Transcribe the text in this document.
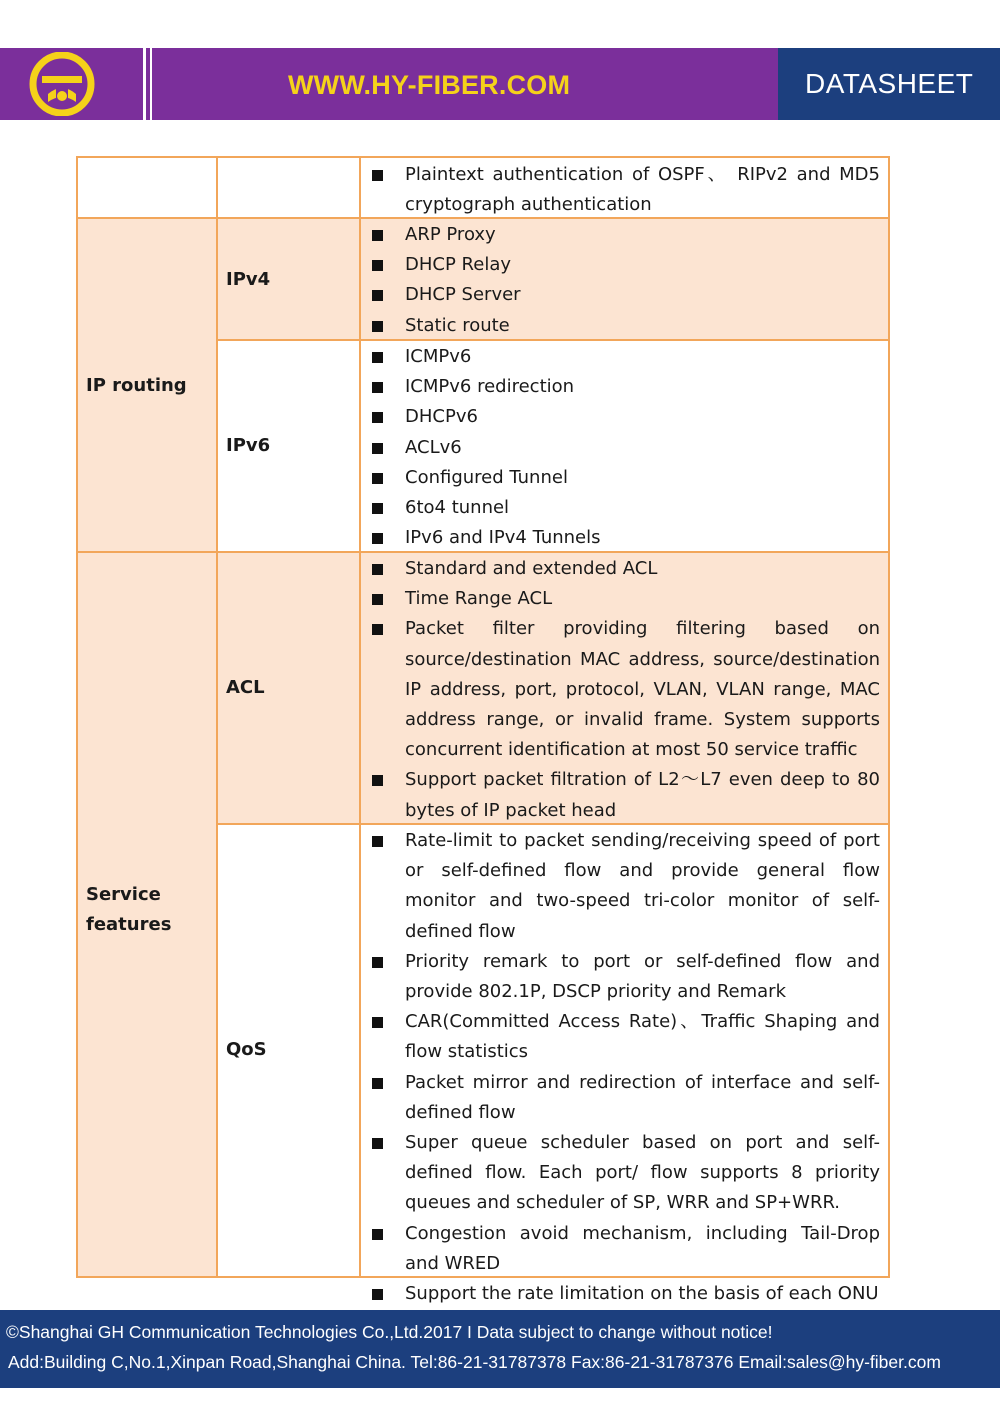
WWW.HY-FIBER.COM	DATASHEET
Plaintext authentication of OSPF、 RIPv2 and MD5 cryptograph authentication
IP routing
IPv4
ARP Proxy
DHCP Relay
DHCP Server
Static route
IPv6
ICMPv6
ICMPv6 redirection
DHCPv6
ACLv6
Configured Tunnel
6to4 tunnel
IPv6 and IPv4 Tunnels
Service
features
ACL
Standard and extended ACL
Time Range ACL
Packet filter providing filtering based on source/destination MAC address, source/destination IP address, port, protocol, VLAN, VLAN range, MAC address range, or invalid frame. System supports concurrent identification at most 50 service traffic
Support packet filtration of L2～L7 even deep to 80 bytes of IP packet head
QoS
Rate-limit to packet sending/receiving speed of port or self-defined flow and provide general flow monitor and two-speed tri-color monitor of self-defined flow
Priority remark to port or self-defined flow and provide 802.1P, DSCP priority and Remark
CAR(Committed Access Rate)、Traffic Shaping and flow statistics
Packet mirror and redirection of interface and self-defined flow
Super queue scheduler based on port and self-defined flow. Each port/ flow supports 8 priority queues and scheduler of SP, WRR and SP+WRR.
Congestion avoid mechanism, including Tail-Drop and WRED
Support the rate limitation on the basis of each ONU
©Shanghai GH Communication Technologies Co.,Ltd.2017 I Data subject to change without notice!
Add:Building C,No.1,Xinpan Road,Shanghai China. Tel:86-21-31787378 Fax:86-21-31787376 Email:sales@hy-fiber.com
